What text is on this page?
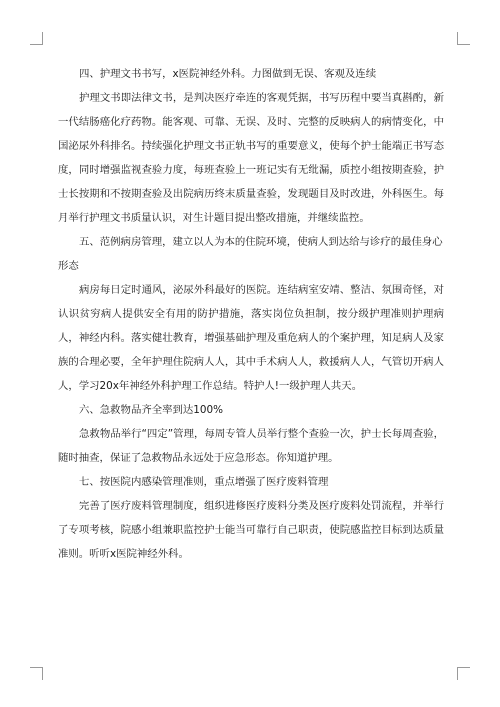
四、护理文书书写，x医院神经外科。力图做到无误、客观及连续

护理文书即法律文书，是判决医疗牵连的客观凭据，书写历程中要当真斟酌，新一代结肠癌化疗药物。能客观、可靠、无误、及时、完整的反映病人的病情变化，中国泌尿外科排名。持续强化护理文书正轨书写的重要意义，使每个护士能端正书写态度，同时增强监视查验力度，每班查验上一班记实有无纰漏，质控小组按期查验，护士长按期和不按期查验及出院病历终末质量查验，发现题目及时改进，外科医生。每月举行护理文书质量认识，对生计题目提出整改措施，并继续监控。

五、范例病房管理，建立以人为本的住院环境，使病人到达给与诊疗的最佳身心形态

病房每日定时通风，泌尿外科最好的医院。连结病室安靖、整洁、氛围奇怪，对认识贫穷病人提供安全有用的防护措施，落实岗位负担制，按分级护理准则护理病人，神经内科。落实健壮教育，增强基础护理及重危病人的个案护理，知足病人及家族的合理必要，全年护理住院病人人，其中手术病人人，救援病人人，气管切开病人人，学习20x年神经外科护理工作总结。特护人!一级护理人共天。

六、急救物品齐全率到达100%

急救物品举行“四定”管理，每周专管人员举行整个查验一次，护士长每周查验，随时抽查，保证了急救物品永远处于应急形态。你知道护理。

七、按医院内感染管理准则，重点增强了医疗废料管理

完善了医疗废料管理制度，组织进修医疗废料分类及医疗废料处罚流程，并举行了专项考核，院感小组兼职监控护士能当可靠行自己职责，使院感监控目标到达质量准则。听听x医院神经外科。
